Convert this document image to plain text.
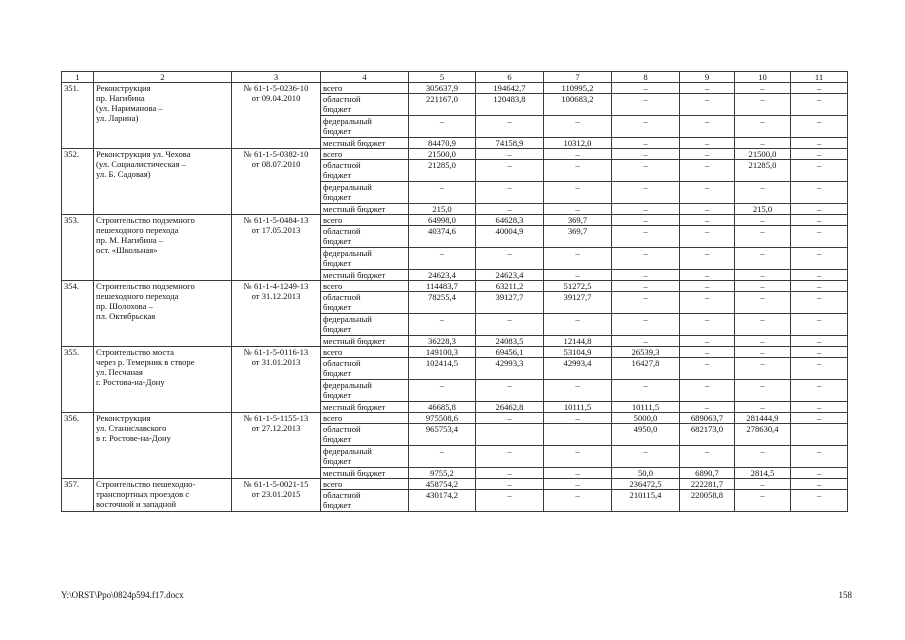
1	2	3	4	5	6	7	8	9	10	11
351.	Реконструкция
пр. Нагибина
(ул. Нариманова –
ул. Ларина)	№ 61-1-5-0236-10
от 09.04.2010	всего	305637,9	194642,7	110995,2	–	–	–	–
			областной
бюджет	221167,0	120483,8	100683,2	–	–	–	–
			федеральный
бюджет	–	–	–	–	–	–	–
			местный бюджет	84470,9	74158,9	10312,0	–	–	–	–
352.	Реконструкция ул. Чехова
(ул. Социалистическая –
ул. Б. Садовая)	№ 61-1-5-0382-10
от 08.07.2010	всего	21500,0	–	–	–	–	21500,0	–
			областной
бюджет	21285,0	–	–	–	–	21285,0	–
			федеральный
бюджет	–	–	–	–	–	–	–
			местный бюджет	215,0	–	–	–	–	215,0	–
353.	Строительство подземного
пешеходного перехода
пр. М. Нагибина –
ост. «Школьная»	№ 61-1-5-0484-13
от 17.05.2013	всего	64998,0	64628,3	369,7	–	–	–	–
			областной
бюджет	40374,6	40004,9	369,7	–	–	–	–
			федеральный
бюджет	–	–	–	–	–	–	–
			местный бюджет	24623,4	24623,4	–	–	–	–	–
354.	Строительство подземного
пешеходного перехода
пр. Шолохова –
пл. Октябрьская	№ 61-1-4-1249-13
от 31.12.2013	всего	114483,7	63211,2	51272,5	–	–	–	–
			областной
бюджет	78255,4	39127,7	39127,7	–	–	–	–
			федеральный
бюджет	–	–	–	–	–	–	–
			местный бюджет	36228,3	24083,5	12144,8	–	–	–	–
355.	Строительство моста
через р. Темерник в створе
ул. Песчаная
г. Ростова-на-Дону	№ 61-1-5-0116-13
от 31.01.2013	всего	149100,3	69456,1	53104,9	26539,3	–	–	–
			областной
бюджет	102414,5	42993,3	42993,4	16427,8	–	–	–
			федеральный
бюджет	–	–	–	–	–	–	–
			местный бюджет	46685,8	26462,8	10111,5	10111,5	–	–	–
356.	Реконструкция
ул. Станиславского
в г. Ростове-на-Дону	№ 61-1-5-1155-13
от 27.12.2013	всего	975508,6	–	–	5000,0	689063,7	281444,9	–
			областной
бюджет	965753,4			4950,0	682173,0	278630,4	
			федеральный
бюджет	–	–	–	–	–	–	–
			местный бюджет	9755,2	–	–	50,0	6890,7	2814,5	–
357.	Строительство пешеходно-
транспортных проездов с
восточной и западной	№ 61-1-5-0021-15
от 23.01.2015	всего	458754,2	–	–	236472,5	222281,7	–	–
			областной
бюджет	430174,2	–	–	210115,4	220058,8	–	–
Y:\ORST\Ppo\0824p594.f17.docx	158
